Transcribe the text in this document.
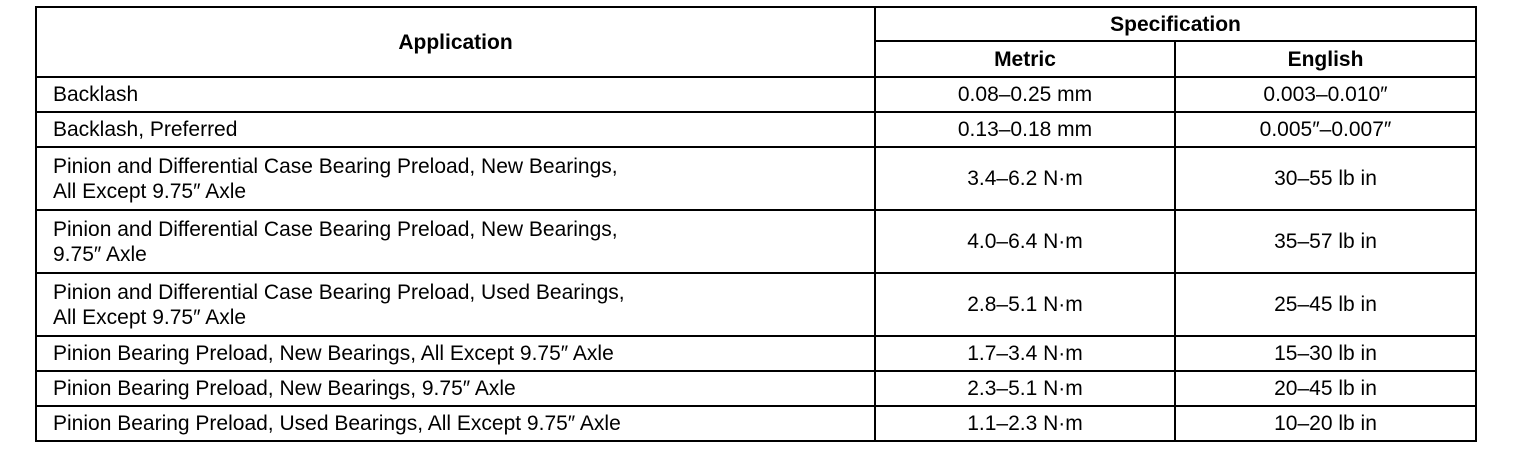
Application	Specification	
	Metric	English
Backlash	0.08–0.25 mm	0.003–0.010″
Backlash, Preferred	0.13–0.18 mm	0.005″–0.007″
Pinion and Differential Case Bearing Preload, New Bearings,
All Except 9.75″ Axle	3.4–6.2 N·m	30–55 lb in
Pinion and Differential Case Bearing Preload, New Bearings,
9.75″ Axle	4.0–6.4 N·m	35–57 lb in
Pinion and Differential Case Bearing Preload, Used Bearings,
All Except 9.75″ Axle	2.8–5.1 N·m	25–45 lb in
Pinion Bearing Preload, New Bearings, All Except 9.75″ Axle	1.7–3.4 N·m	15–30 lb in
Pinion Bearing Preload, New Bearings, 9.75″ Axle	2.3–5.1 N·m	20–45 lb in
Pinion Bearing Preload, Used Bearings, All Except 9.75″ Axle	1.1–2.3 N·m	10–20 lb in
